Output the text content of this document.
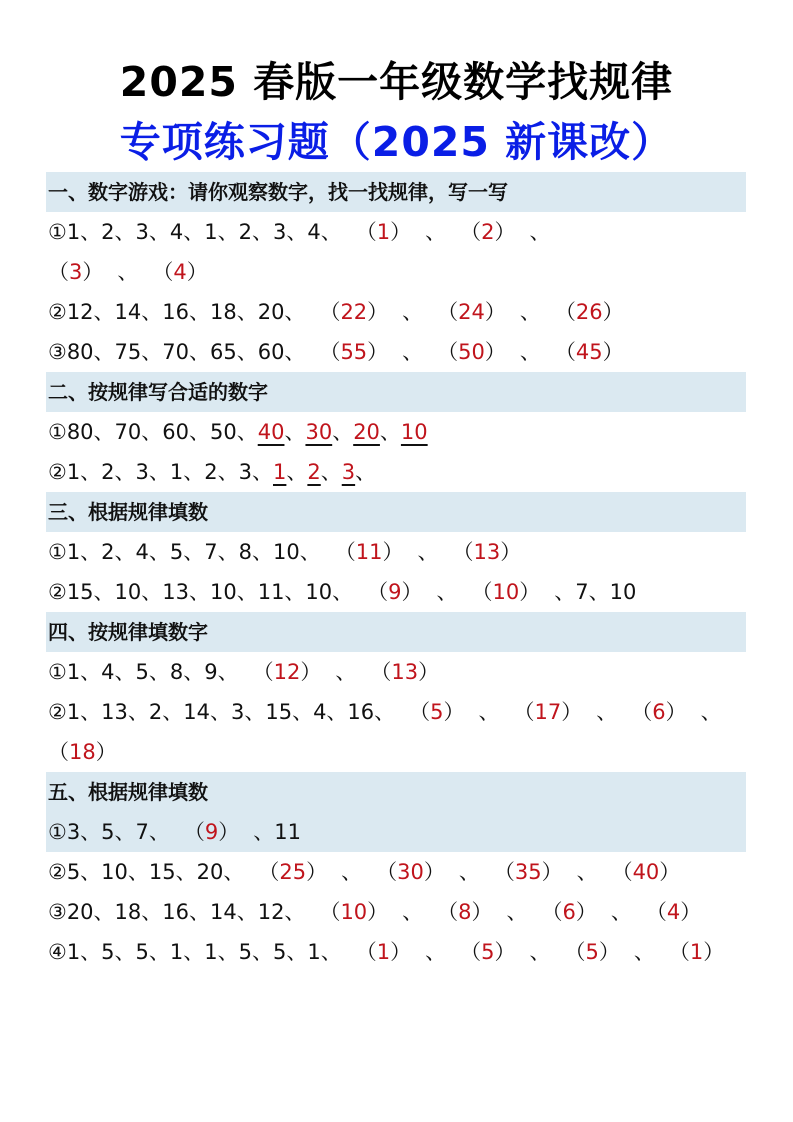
2025 春版一年级数学找规律
专项练习题（2025 新课改）
一、数字游戏：请你观察数字，找一找规律，写一写
①1、2、3、4、1、2、3、4、 （1） 、 （2） 、
（3） 、 （4）
②12、14、16、18、20、 （22） 、 （24） 、 （26）
③80、75、70、65、60、 （55） 、 （50） 、 （45）
二、按规律写合适的数字
①80、70、60、50、40、30、20、10
②1、2、3、1、2、3、1、2、3、
三、根据规律填数
①1、2、4、5、7、8、10、 （11） 、 （13）
②15、10、13、10、11、10、 （9） 、 （10） 、7、10
四、按规律填数字
①1、4、5、8、9、 （12） 、 （13）
②1、13、2、14、3、15、4、16、 （5） 、 （17） 、 （6） 、
（18）
五、根据规律填数
①3、5、7、 （9） 、11
②5、10、15、20、 （25） 、 （30） 、 （35） 、 （40）
③20、18、16、14、12、 （10） 、 （8） 、 （6） 、 （4）
④1、5、5、1、1、5、5、1、 （1） 、 （5） 、 （5） 、 （1）
